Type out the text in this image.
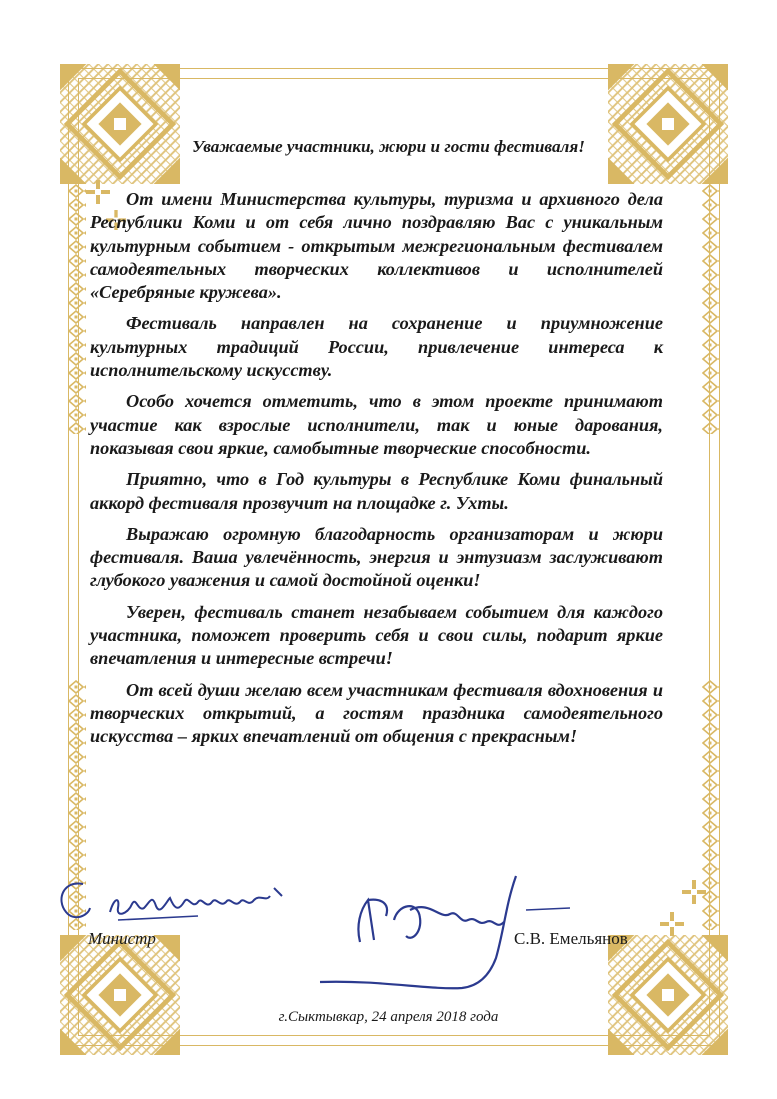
Уважаемые участники, жюри и гости фестиваля!

От имени Министерства культуры, туризма и архивного дела Республики Коми и от себя лично поздравляю Вас с уникальным культурным событием - открытым межрегиональным фестивалем самодеятельных творческих коллективов и исполнителей «Серебряные кружева».

Фестиваль направлен на сохранение и приумножение культурных традиций России, привлечение интереса к исполнительскому искусству.

Особо хочется отметить, что в этом проекте принимают участие как взрослые исполнители, так и юные дарования, показывая свои яркие, самобытные творческие способности.

Приятно, что в Год культуры в Республике Коми финальный аккорд фестиваля прозвучит на площадке г. Ухты.

Выражаю огромную благодарность организаторам и жюри фестиваля. Ваша увлечённость, энергия и энтузиазм заслуживают глубокого уважения и самой достойной оценки!

Уверен, фестиваль станет незабываем событием для каждого участника, поможет проверить себя и свои силы, подарит яркие впечатления и интересные встречи!

От всей души желаю всем участникам фестиваля вдохновения и творческих открытий, а гостям праздника самодеятельного искусства – ярких впечатлений от общения с прекрасным!

Министр	С.В. Емельянов
г.Сыктывкар, 24 апреля 2018 года
